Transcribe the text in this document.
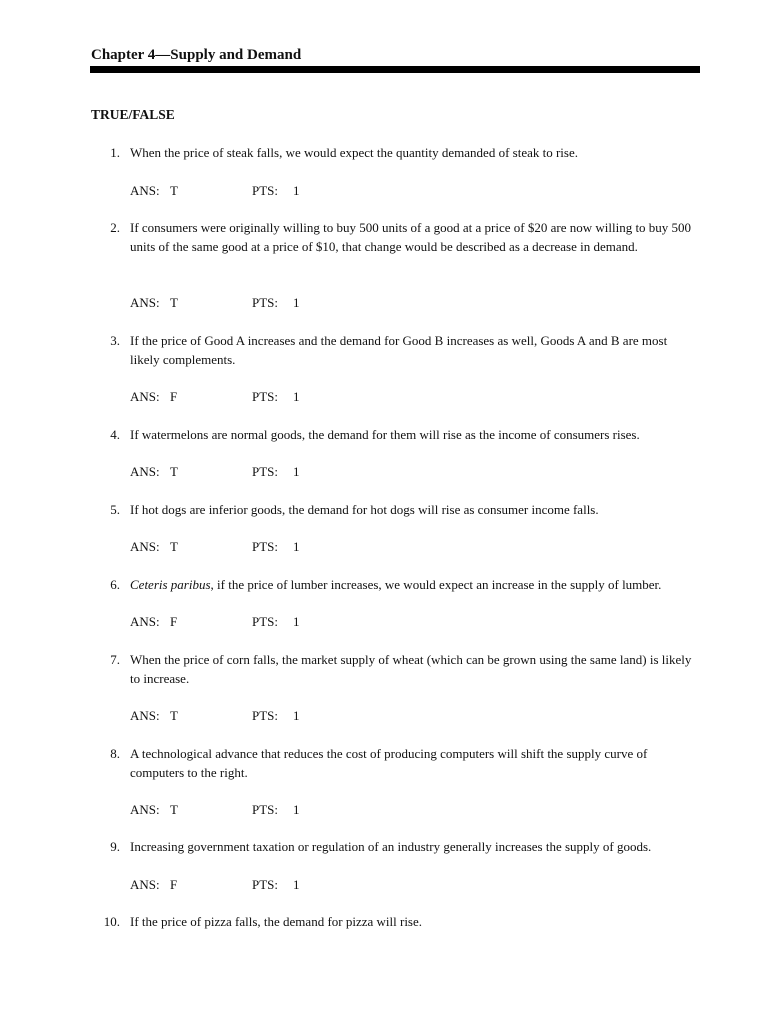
Chapter 4—Supply and Demand
TRUE/FALSE
1. When the price of steak falls, we would expect the quantity demanded of steak to rise.
ANS: T	PTS: 1
2. If consumers were originally willing to buy 500 units of a good at a price of $20 are now willing to buy 500 units of the same good at a price of $10, that change would be described as a decrease in demand.
ANS: T	PTS: 1
3. If the price of Good A increases and the demand for Good B increases as well, Goods A and B are most likely complements.
ANS: F	PTS: 1
4. If watermelons are normal goods, the demand for them will rise as the income of consumers rises.
ANS: T	PTS: 1
5. If hot dogs are inferior goods, the demand for hot dogs will rise as consumer income falls.
ANS: T	PTS: 1
6. Ceteris paribus, if the price of lumber increases, we would expect an increase in the supply of lumber.
ANS: F	PTS: 1
7. When the price of corn falls, the market supply of wheat (which can be grown using the same land) is likely to increase.
ANS: T	PTS: 1
8. A technological advance that reduces the cost of producing computers will shift the supply curve of computers to the right.
ANS: T	PTS: 1
9. Increasing government taxation or regulation of an industry generally increases the supply of goods.
ANS: F	PTS: 1
10. If the price of pizza falls, the demand for pizza will rise.
